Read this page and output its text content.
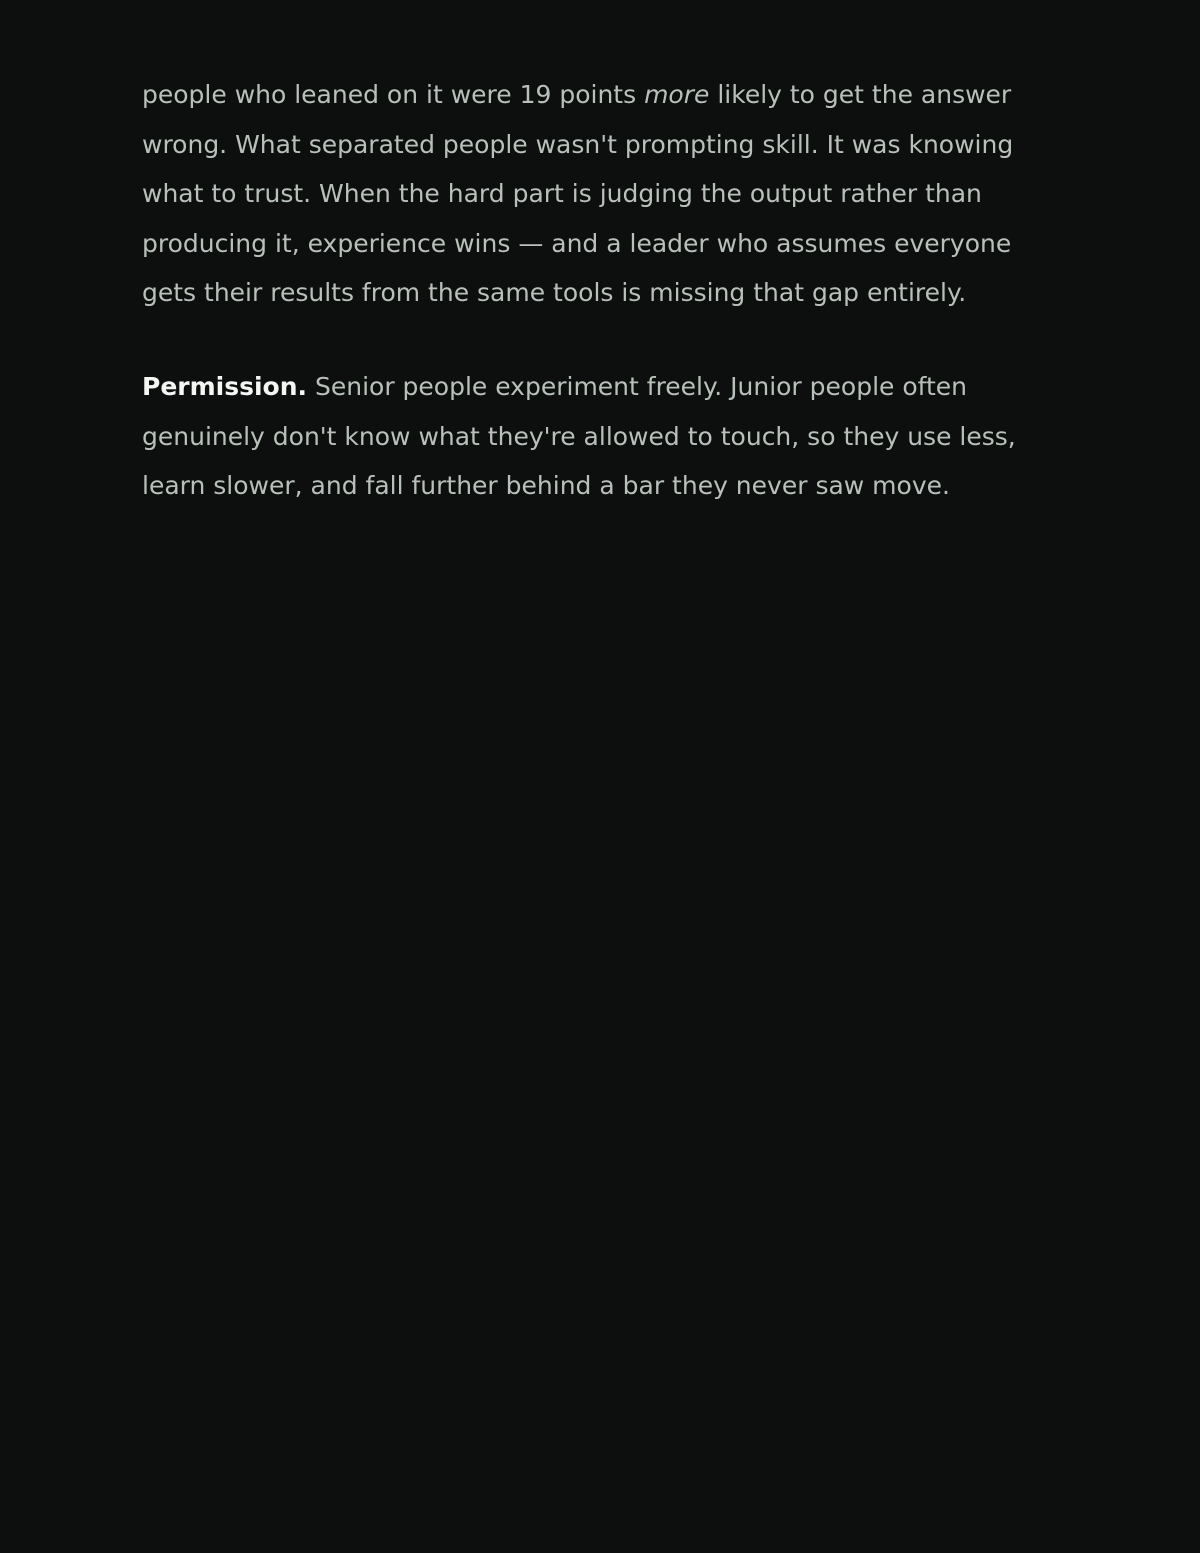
people who leaned on it were 19 points more likely to get the answer wrong. What separated people wasn't prompting skill. It was knowing what to trust. When the hard part is judging the output rather than producing it, experience wins — and a leader who assumes everyone gets their results from the same tools is missing that gap entirely.

Permission. Senior people experiment freely. Junior people often genuinely don't know what they're allowed to touch, so they use less, learn slower, and fall further behind a bar they never saw move.
